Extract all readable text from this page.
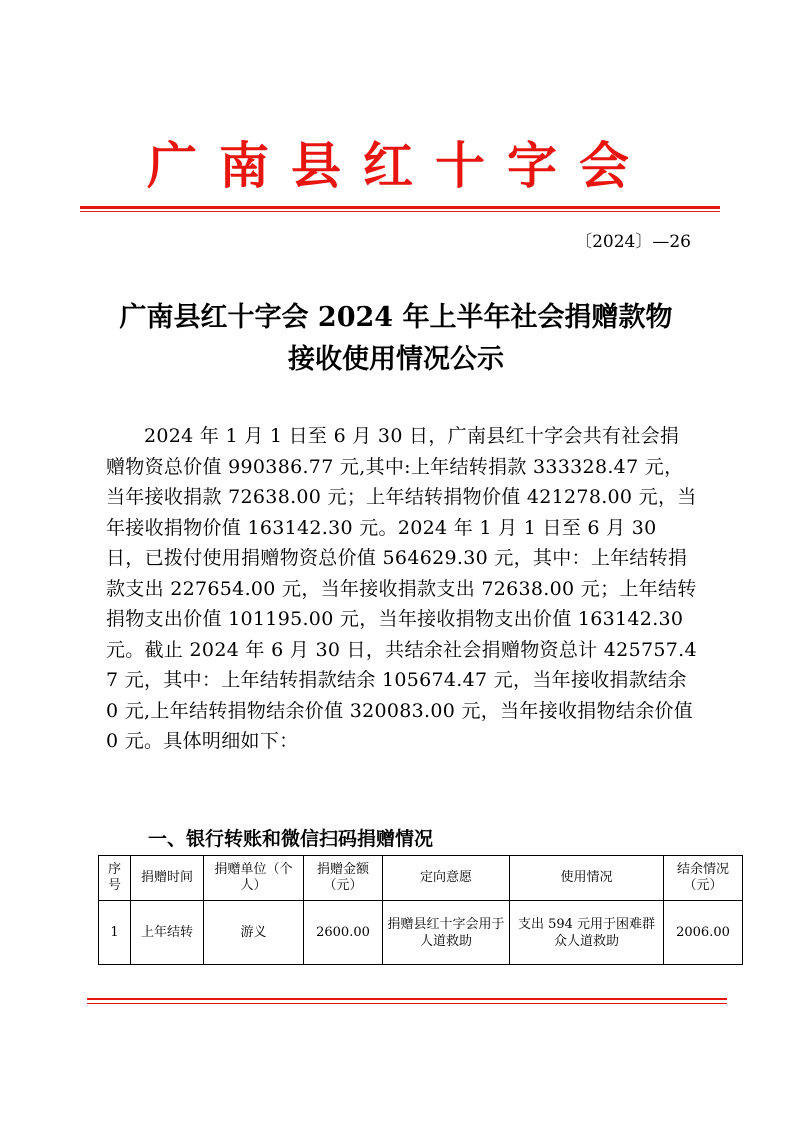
广南县红十字会
〔2024〕—26
广南县红十字会 2024 年上半年社会捐赠款物
接收使用情况公示

2024 年 1 月 1 日至 6 月 30 日，广南县红十字会共有社会捐赠物资总价值 990386.77 元,其中:上年结转捐款 333328.47 元，当年接收捐款 72638.00 元；上年结转捐物价值 421278.00 元，当年接收捐物价值 163142.30 元。2024 年 1 月 1 日至 6 月 30 日，已拨付使用捐赠物资总价值 564629.30 元，其中：上年结转捐款支出 227654.00 元，当年接收捐款支出 72638.00 元；上年结转捐物支出价值 101195.00 元，当年接收捐物支出价值 163142.30 元。截止 2024 年 6 月 30 日，共结余社会捐赠物资总计 425757.47 元，其中：上年结转捐款结余 105674.47 元，当年接收捐款结余 0 元,上年结转捐物结余价值 320083.00 元，当年接收捐物结余价值 0 元。具体明细如下：

一、银行转账和微信扫码捐赠情况
序号	捐赠时间	捐赠单位（个人）	捐赠金额（元）	定向意愿	使用情况	结余情况（元）
1	上年结转	游义	2600.00	捐赠县红十字会用于人道救助	支出 594 元用于困难群众人道救助	2006.00
